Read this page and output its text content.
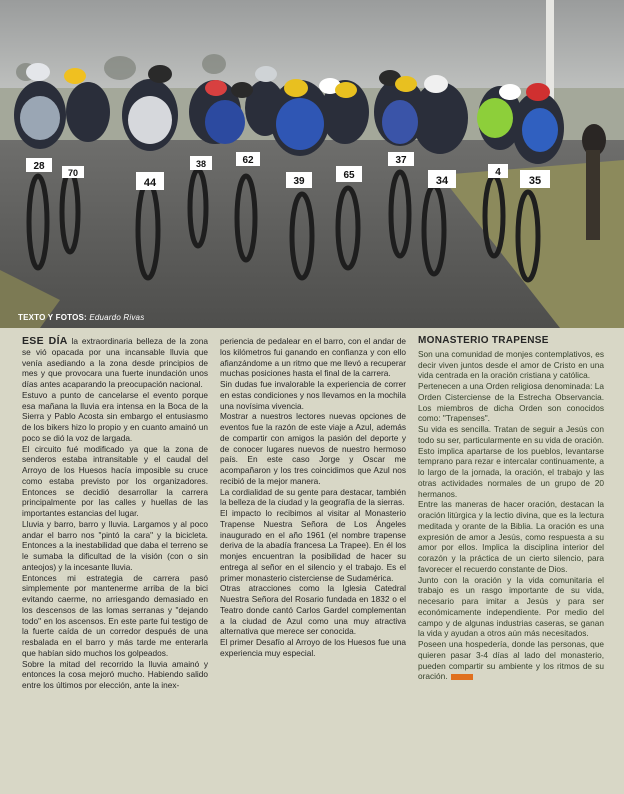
28
70
44
62
39
65
37
34
4
35
38
TEXTO Y FOTOS: Eduardo Rivas

ESE DÍA la extraordinaria belleza de la zona se vió opacada por una incansable lluvia que venía asediando a la zona desde principios de mes y que provocara una fuerte inundación unos días antes acaparando la preocupación nacional.

Estuvo a punto de cancelarse el evento porque esa mañana la lluvia era intensa en la Boca de la Sierra y Pablo Acosta sin embargo el entusiasmo de los bikers hizo lo propio y en cuanto amainó un poco se dió la voz de largada.

El circuito fué modificado ya que la zona de senderos estaba intransitable y el caudal del Arroyo de los Huesos hacía imposible su cruce como estaba previsto por los organizadores. Entonces se decidió desarrollar la carrera principalmente por las calles y huellas de las importantes estancias del lugar.

Lluvia y barro, barro y lluvia. Largamos y al poco andar el barro nos "pintó la cara" y la bicicleta. Entonces a la inestabilidad que daba el terreno se le sumaba la dificultad de la visión (con o sin anteojos) y la incesante lluvia.

Entonces mi estrategia de carrera pasó simplemente por mantenerme arriba de la bici evitando caerme, no arriesgando demasiado en los descensos de las lomas serranas y "dejando todo" en los ascensos. En este parte fui testigo de la fuerte caída de un corredor después de una resbalada en el barro y más tarde me enterarla que habían sido muchos los golpeados.

Sobre la mitad del recorrido la lluvia amainó y entonces la cosa mejoró mucho. Habiendo salido entre los últimos por elección, ante la inex-

periencia de pedalear en el barro, con el andar de los kilómetros fui ganando en confianza y con ello afianzándome a un ritmo que me llevó a recuperar muchas posiciones hasta el final de la carrera.

Sin dudas fue invalorable la experiencia de correr en estas condiciones y nos llevamos en la mochila una novísima vivencia.

Mostrar a nuestros lectores nuevas opciones de eventos fue la razón de este viaje a Azul, además de compartir con amigos la pasión del deporte y de conocer lugares nuevos de nuestro hermoso país. En este caso Jorge y Oscar me acompañaron y los tres coincidimos que Azul nos recibió de la mejor manera.

La cordialidad de su gente para destacar, también la belleza de la ciudad y la geografía de la sierras.

El impacto lo recibimos al visitar al Monasterio Trapense Nuestra Señora de Los Ángeles inaugurado en el año 1961 (el nombre trapense deriva de la abadía francesa La Trapee). En él los monjes encuentran la posibilidad de hacer su entrega al señor en el silencio y el trabajo. Es el primer monasterio cisterciense de Sudamérica.

Otras atracciones como la Iglesia Catedral Nuestra Señora del Rosario fundada en 1832 o el Teatro donde cantó Carlos Gardel complementan a la ciudad de Azul como una muy atractiva alternativa que merece ser conocida.

El primer Desafío al Arroyo de los Huesos fue una experiencia muy especial.

MONASTERIO TRAPENSE

Son una comunidad de monjes contemplativos, es decir viven juntos desde el amor de Cristo en una vida centrada en la oración cristiana y católica.

Pertenecen a una Orden religiosa denominada: La Orden Cisterciense de la Estrecha Observancia. Los miembros de dicha Orden son conocidos como: "Trapenses".

Su vida es sencilla. Tratan de seguir a Jesús con todo su ser, particularmente en su vida de oración. Esto implica apartarse de los pueblos, levantarse temprano para rezar e intercalar continuamente, a lo largo de la jornada, la oración, el trabajo y las otras actividades normales de un grupo de 20 hermanos.

Entre las maneras de hacer oración, destacan la oración litúrgica y la lectio divina, que es la lectura meditada y orante de la Biblia. La oración es una expresión de amor a Jesús, como respuesta a su amor por ellos. Implica la disciplina interior del corazón y la práctica de un cierto silencio, para favorecer el recuerdo constante de Dios.

Junto con la oración y la vida comunitaria el trabajo es un rasgo importante de su vida, necesario para imitar a Jesús y para ser económicamente independiente. Por medio del campo y de algunas industrias caseras, se ganan la vida y ayudan a otros aún más necesitados.

Poseen una hospedería, donde las personas, que quieren pasar 3-4 días al lado del monasterio, pueden compartir su ambiente y los ritmos de su oración.
